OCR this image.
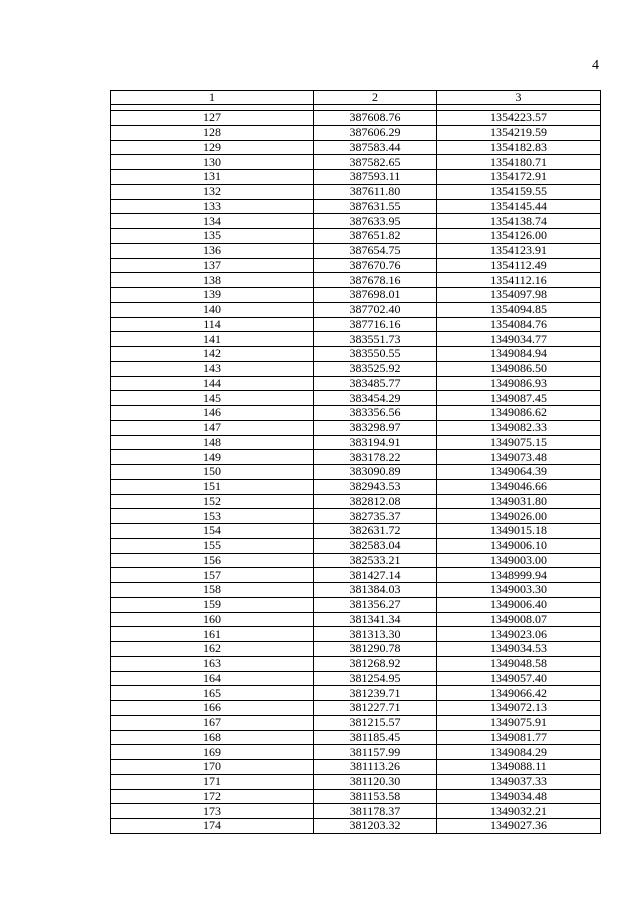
4
1	2	3

127	387608.76	1354223.57
128	387606.29	1354219.59
129	387583.44	1354182.83
130	387582.65	1354180.71
131	387593.11	1354172.91
132	387611.80	1354159.55
133	387631.55	1354145.44
134	387633.95	1354138.74
135	387651.82	1354126.00
136	387654.75	1354123.91
137	387670.76	1354112.49
138	387678.16	1354112.16
139	387698.01	1354097.98
140	387702.40	1354094.85
114	387716.16	1354084.76
141	383551.73	1349034.77
142	383550.55	1349084.94
143	383525.92	1349086.50
144	383485.77	1349086.93
145	383454.29	1349087.45
146	383356.56	1349086.62
147	383298.97	1349082.33
148	383194.91	1349075.15
149	383178.22	1349073.48
150	383090.89	1349064.39
151	382943.53	1349046.66
152	382812.08	1349031.80
153	382735.37	1349026.00
154	382631.72	1349015.18
155	382583.04	1349006.10
156	382533.21	1349003.00
157	381427.14	1348999.94
158	381384.03	1349003.30
159	381356.27	1349006.40
160	381341.34	1349008.07
161	381313.30	1349023.06
162	381290.78	1349034.53
163	381268.92	1349048.58
164	381254.95	1349057.40
165	381239.71	1349066.42
166	381227.71	1349072.13
167	381215.57	1349075.91
168	381185.45	1349081.77
169	381157.99	1349084.29
170	381113.26	1349088.11
171	381120.30	1349037.33
172	381153.58	1349034.48
173	381178.37	1349032.21
174	381203.32	1349027.36
